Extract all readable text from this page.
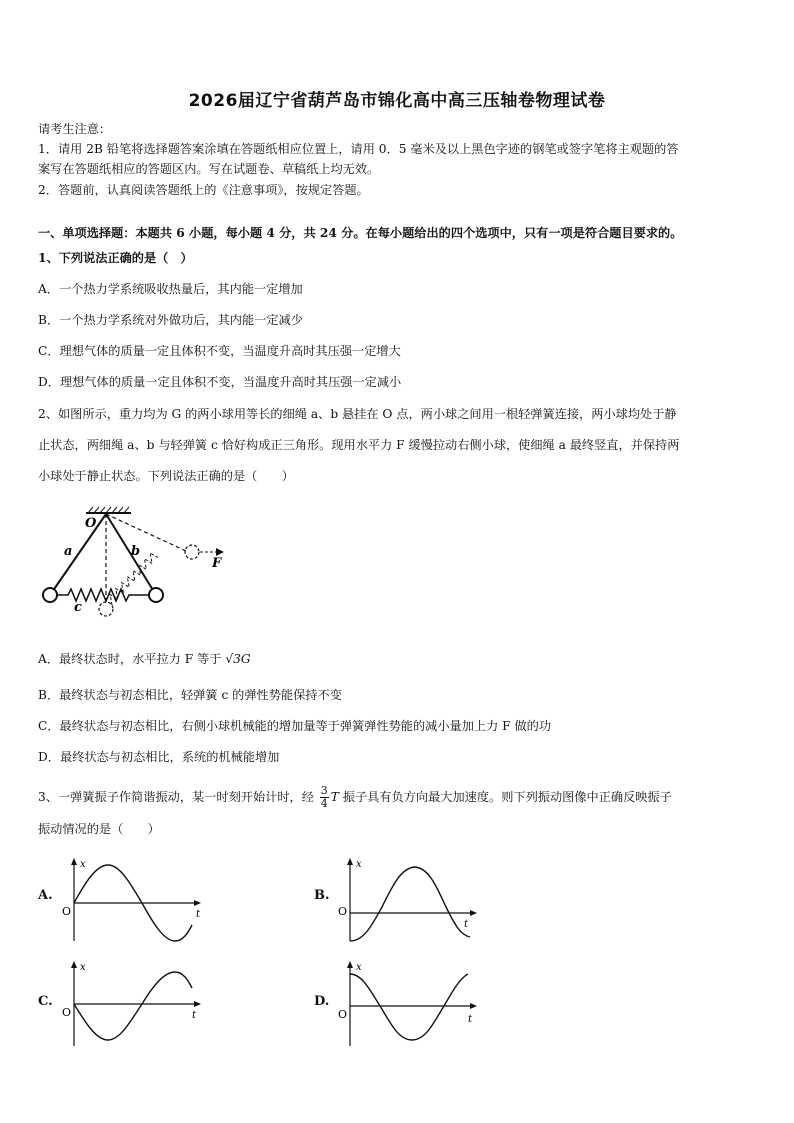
2026届辽宁省葫芦岛市锦化高中高三压轴卷物理试卷
请考生注意：
1．请用 2B 铅笔将选择题答案涂填在答题纸相应位置上，请用 0．5 毫米及以上黑色字迹的钢笔或签字笔将主观题的答
案写在答题纸相应的答题区内。写在试题卷、草稿纸上均无效。
2．答题前，认真阅读答题纸上的《注意事项》，按规定答题。
一、单项选择题：本题共 6 小题，每小题 4 分，共 24 分。在每小题给出的四个选项中，只有一项是符合题目要求的。
1、下列说法正确的是（　）
A．一个热力学系统吸收热量后，其内能一定增加
B．一个热力学系统对外做功后，其内能一定减少
C．理想气体的质量一定且体积不变，当温度升高时其压强一定增大
D．理想气体的质量一定且体积不变，当温度升高时其压强一定减小
2、如图所示，重力均为 G 的两小球用等长的细绳 a、b 悬挂在 O 点，两小球之间用一根轻弹簧连接，两小球均处于静
止状态，两细绳 a、b 与轻弹簧 c 恰好构成正三角形。现用水平力 F 缓慢拉动右侧小球，使细绳 a 最终竖直，并保持两
小球处于静止状态。下列说法正确的是（　　）
O
a	b
F
c
A．最终状态时，水平拉力 F 等于 √3G
B．最终状态与初态相比，轻弹簧 c 的弹性势能保持不变
C．最终状态与初态相比，右侧小球机械能的增加量等于弹簧弹性势能的减小量加上力 F 做的功
D．最终状态与初态相比，系统的机械能增加
3、一弹簧振子作简谐振动，某一时刻开始计时，经 $\frac{3}{4}$ T 振子具有负方向最大加速度。则下列振动图像中正确反映振子
振动情况的是（　　）
A.
x
t
O
B.
x
t
O
C.
x
t
O
D.
x
t
O
